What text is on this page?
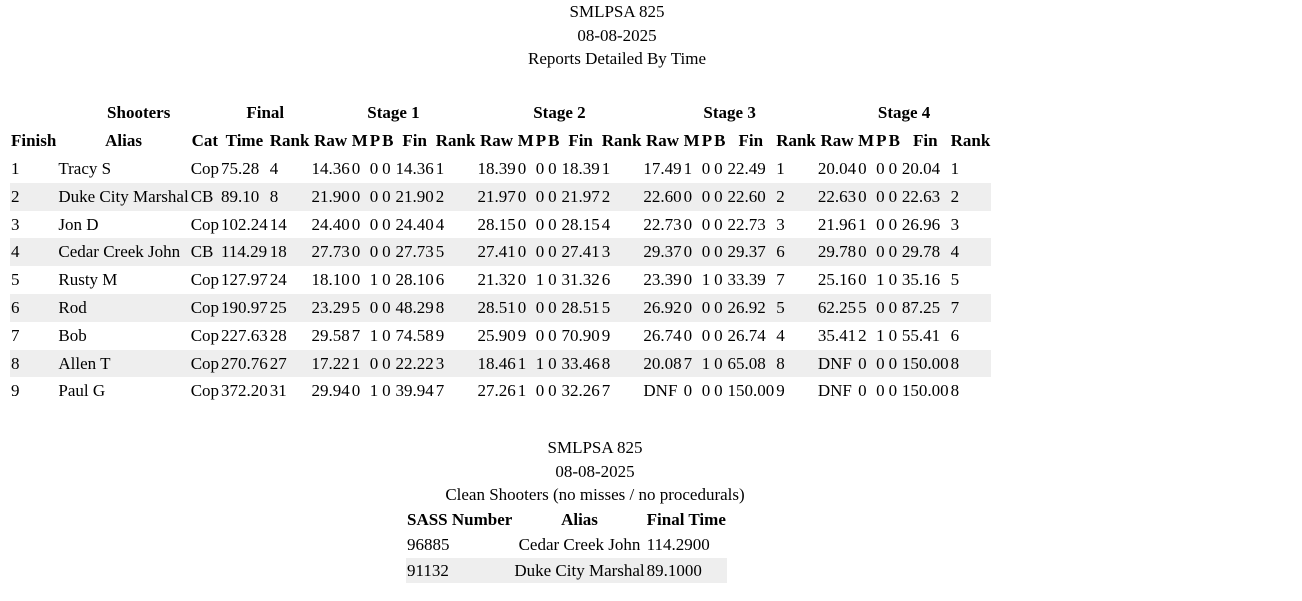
SMLPSA 825
08-08-2025
Reports Detailed By Time
	Shooters		Final		Stage 1						Stage 2						Stage 3						Stage 4					
Finish	Alias	Cat	Time	Rank	Raw	M	P	B	Fin	Rank	Raw	M	P	B	Fin	Rank	Raw	M	P	B	Fin	Rank	Raw	M	P	B	Fin	Rank
1	Tracy S	Cop	75.28	4	14.36	0	0	0	14.36	1	18.39	0	0	0	18.39	1	17.49	1	0	0	22.49	1	20.04	0	0	0	20.04	1
2	Duke City Marshal	CB	89.10	8	21.90	0	0	0	21.90	2	21.97	0	0	0	21.97	2	22.60	0	0	0	22.60	2	22.63	0	0	0	22.63	2
3	Jon D	Cop	102.24	14	24.40	0	0	0	24.40	4	28.15	0	0	0	28.15	4	22.73	0	0	0	22.73	3	21.96	1	0	0	26.96	3
4	Cedar Creek John	CB	114.29	18	27.73	0	0	0	27.73	5	27.41	0	0	0	27.41	3	29.37	0	0	0	29.37	6	29.78	0	0	0	29.78	4
5	Rusty M	Cop	127.97	24	18.10	0	1	0	28.10	6	21.32	0	1	0	31.32	6	23.39	0	1	0	33.39	7	25.16	0	1	0	35.16	5
6	Rod	Cop	190.97	25	23.29	5	0	0	48.29	8	28.51	0	0	0	28.51	5	26.92	0	0	0	26.92	5	62.25	5	0	0	87.25	7
7	Bob	Cop	227.63	28	29.58	7	1	0	74.58	9	25.90	9	0	0	70.90	9	26.74	0	0	0	26.74	4	35.41	2	1	0	55.41	6
8	Allen T	Cop	270.76	27	17.22	1	0	0	22.22	3	18.46	1	1	0	33.46	8	20.08	7	1	0	65.08	8	DNF	0	0	0	150.00	8
9	Paul G	Cop	372.20	31	29.94	0	1	0	39.94	7	27.26	1	0	0	32.26	7	DNF	0	0	0	150.00	9	DNF	0	0	0	150.00	8
SMLPSA 825
08-08-2025
Clean Shooters (no misses / no procedurals)
SASS Number	Alias	Final Time
96885	Cedar Creek John	114.2900
91132	Duke City Marshal	89.1000
